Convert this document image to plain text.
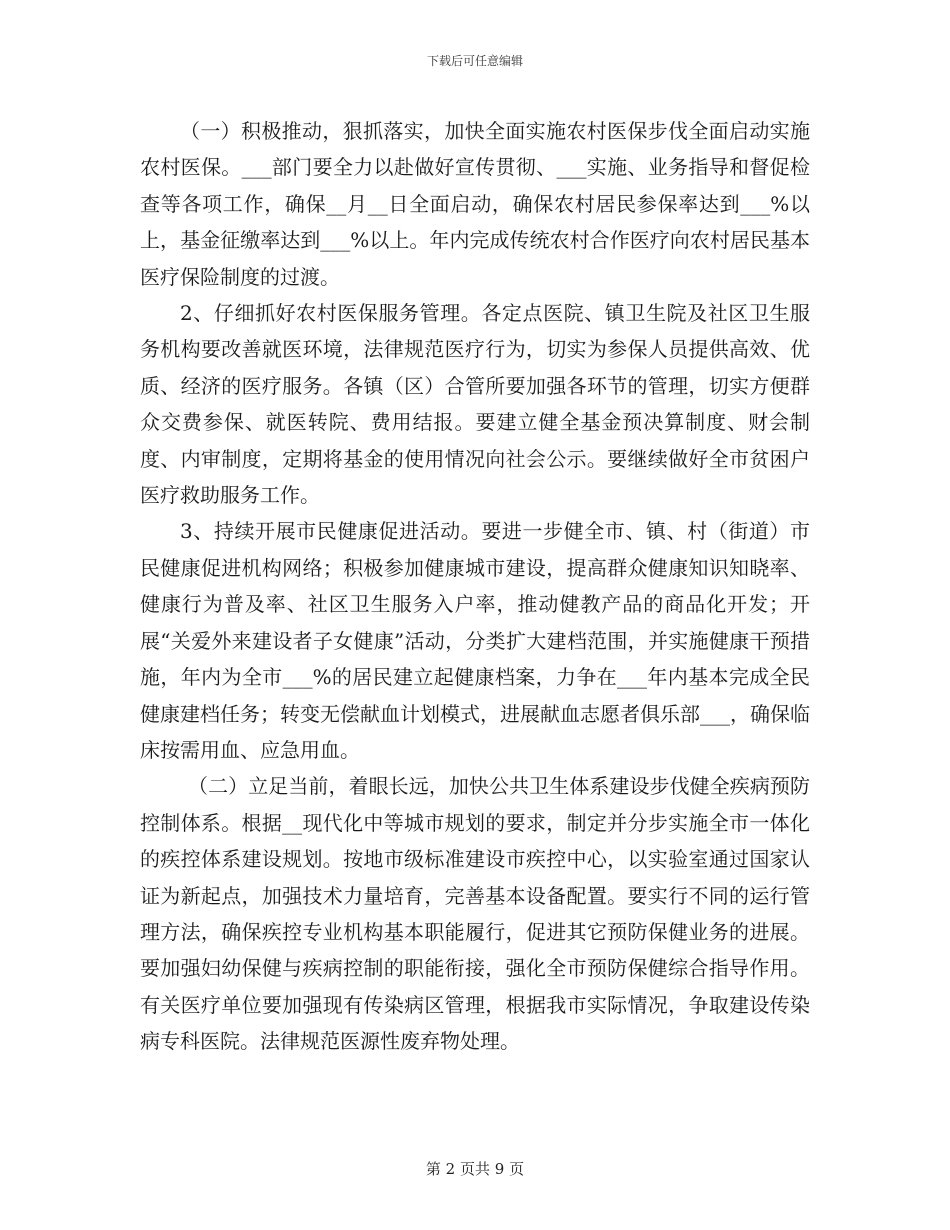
下载后可任意编辑

（一）积极推动，狠抓落实，加快全面实施农村医保步伐全面启动实施农村医保。___部门要全力以赴做好宣传贯彻、___实施、业务指导和督促检查等各项工作，确保__月__日全面启动，确保农村居民参保率达到___%以上，基金征缴率达到___%以上。年内完成传统农村合作医疗向农村居民基本医疗保险制度的过渡。

2、仔细抓好农村医保服务管理。各定点医院、镇卫生院及社区卫生服务机构要改善就医环境，法律规范医疗行为，切实为参保人员提供高效、优质、经济的医疗服务。各镇（区）合管所要加强各环节的管理，切实方便群众交费参保、就医转院、费用结报。要建立健全基金预决算制度、财会制度、内审制度，定期将基金的使用情况向社会公示。要继续做好全市贫困户医疗救助服务工作。

3、持续开展市民健康促进活动。要进一步健全市、镇、村（街道）市民健康促进机构网络；积极参加健康城市建设，提高群众健康知识知晓率、健康行为普及率、社区卫生服务入户率，推动健教产品的商品化开发；开展“关爱外来建设者子女健康”活动，分类扩大建档范围，并实施健康干预措施，年内为全市___%的居民建立起健康档案，力争在___年内基本完成全民健康建档任务；转变无偿献血计划模式，进展献血志愿者俱乐部___，确保临床按需用血、应急用血。

（二）立足当前，着眼长远，加快公共卫生体系建设步伐健全疾病预防控制体系。根据__现代化中等城市规划的要求，制定并分步实施全市一体化的疾控体系建设规划。按地市级标准建设市疾控中心，以实验室通过国家认证为新起点，加强技术力量培育，完善基本设备配置。要实行不同的运行管理方法，确保疾控专业机构基本职能履行，促进其它预防保健业务的进展。要加强妇幼保健与疾病控制的职能衔接，强化全市预防保健综合指导作用。有关医疗单位要加强现有传染病区管理，根据我市实际情况，争取建设传染病专科医院。法律规范医源性废弃物处理。

第 2 页共 9 页
